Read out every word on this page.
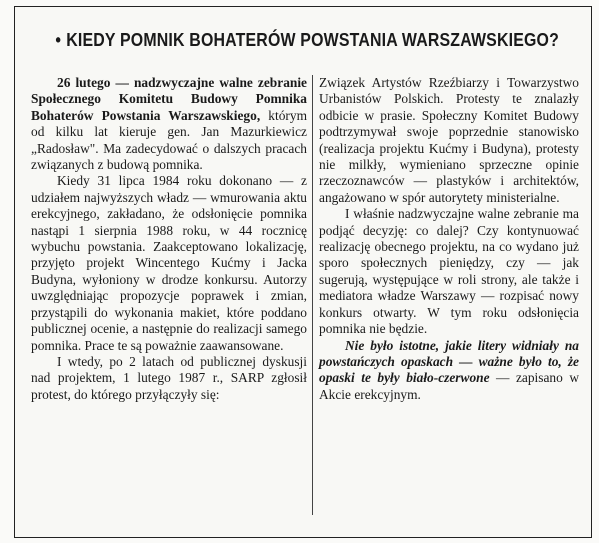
• KIEDY POMNIK BOHATERÓW POWSTANIA WARSZAWSKIEGO?

26 lutego — nadzwyczajne walne zebranie Społecznego Komitetu Budowy Pomnika Bohaterów Powstania Warszawskiego, którym od kilku lat kieruje gen. Jan Mazurkiewicz „Radosław". Ma zadecydować o dalszych pracach związanych z budową pomnika.

Kiedy 31 lipca 1984 roku dokonano — z udziałem najwyższych władz — wmurowania aktu erekcyjnego, zakładano, że odsłonięcie pomnika nastąpi 1 sierpnia 1988 roku, w 44 rocznicę wybuchu powstania. Zaakceptowano lokalizację, przyjęto projekt Wincentego Kućmy i Jacka Budyna, wyłoniony w drodze konkursu. Autorzy uwzględniając propozycje poprawek i zmian, przystąpili do wykonania makiet, które poddano publicznej ocenie, a następnie do realizacji samego pomnika. Prace te są poważnie zaawansowane.

I wtedy, po 2 latach od publicznej dyskusji nad projektem, 1 lutego 1987 r., SARP zgłosił protest, do którego przyłączyły się:

Związek Artystów Rzeźbiarzy i Towarzystwo Urbanistów Polskich. Protesty te znalazły odbicie w prasie. Społeczny Komitet Budowy podtrzymywał swoje poprzednie stanowisko (realizacja projektu Kućmy i Budyna), protesty nie milkły, wymieniano sprzeczne opinie rzeczoznawców — plastyków i architektów, angażowano w spór autorytety ministerialne.

I właśnie nadzwyczajne walne zebranie ma podjąć decyzję: co dalej? Czy kontynuować realizację obecnego projektu, na co wydano już sporo społecznych pieniędzy, czy — jak sugerują, występujące w roli strony, ale także i mediatora władze Warszawy — rozpisać nowy konkurs otwarty. W tym roku odsłonięcia pomnika nie będzie.

Nie było istotne, jakie litery widniały na powstańczych opaskach — ważne było to, że opaski te były biało-czerwone — zapisano w Akcie erekcyjnym.
